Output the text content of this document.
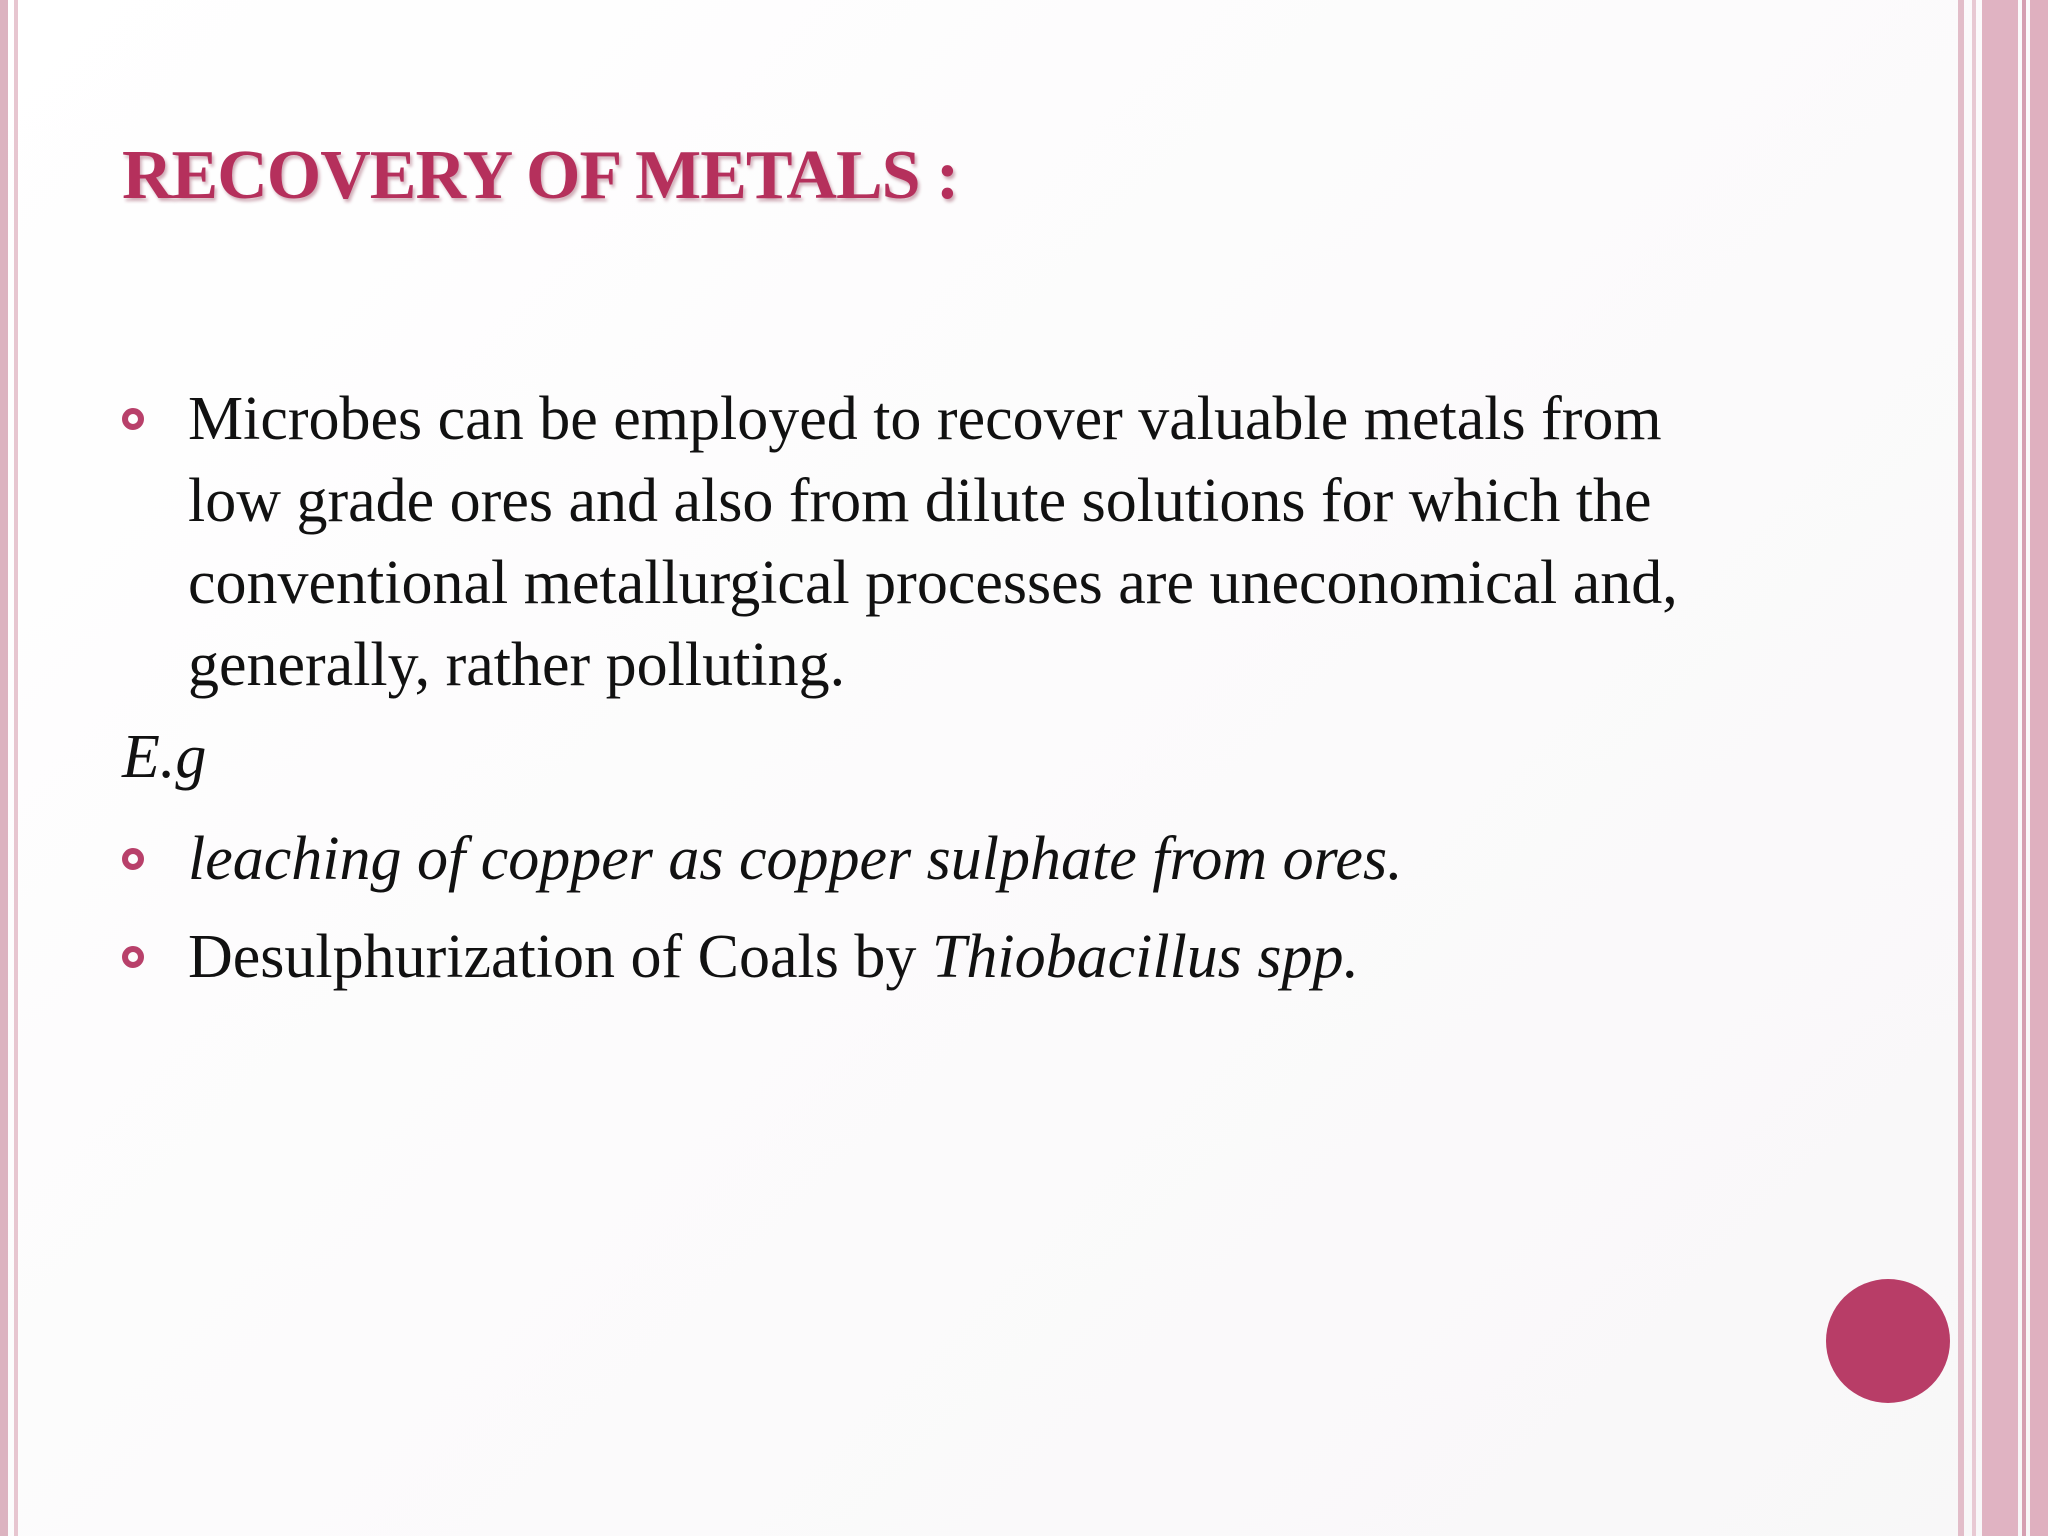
RECOVERY OF METALS :
Microbes can be employed to recover valuable metals from low grade ores and also from dilute solutions for which the conventional metallurgical processes are uneconomical and, generally, rather polluting.
E.g
leaching of copper as copper sulphate from ores.
Desulphurization of Coals by Thiobacillus spp.
